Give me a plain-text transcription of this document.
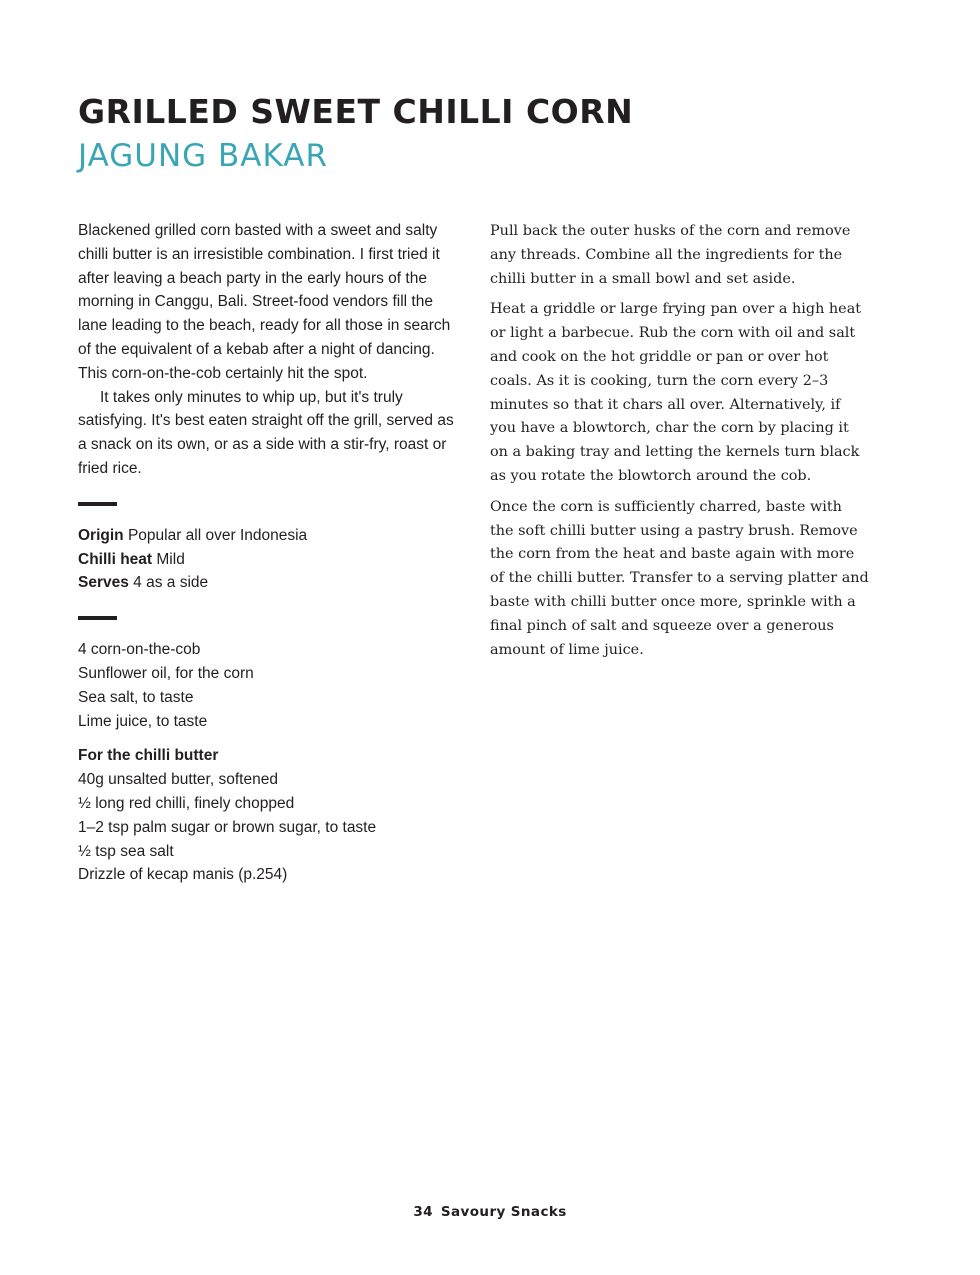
GRILLED SWEET CHILLI CORN
JAGUNG BAKAR

Blackened grilled corn basted with a sweet and salty chilli butter is an irresistible combination. I first tried it after leaving a beach party in the early hours of the morning in Canggu, Bali. Street-food vendors fill the lane leading to the beach, ready for all those in search of the equivalent of a kebab after a night of dancing. This corn-on-the-cob certainly hit the spot.

It takes only minutes to whip up, but it's truly satisfying. It's best eaten straight off the grill, served as a snack on its own, or as a side with a stir-fry, roast or fried rice.

Origin Popular all over Indonesia
Chilli heat Mild
Serves 4 as a side
4 corn-on-the-cob
Sunflower oil, for the corn
Sea salt, to taste
Lime juice, to taste
For the chilli butter
40g unsalted butter, softened
½ long red chilli, finely chopped
1–2 tsp palm sugar or brown sugar, to taste
½ tsp sea salt
Drizzle of kecap manis (p.254)

Pull back the outer husks of the corn and remove any threads. Combine all the ingredients for the chilli butter in a small bowl and set aside.

Heat a griddle or large frying pan over a high heat or light a barbecue. Rub the corn with oil and salt and cook on the hot griddle or pan or over hot coals. As it is cooking, turn the corn every 2–3 minutes so that it chars all over. Alternatively, if you have a blowtorch, char the corn by placing it on a baking tray and letting the kernels turn black as you rotate the blowtorch around the cob.

Once the corn is sufficiently charred, baste with the soft chilli butter using a pastry brush. Remove the corn from the heat and baste again with more of the chilli butter. Transfer to a serving platter and baste with chilli butter once more, sprinkle with a final pinch of salt and squeeze over a generous amount of lime juice.

34 Savoury Snacks
